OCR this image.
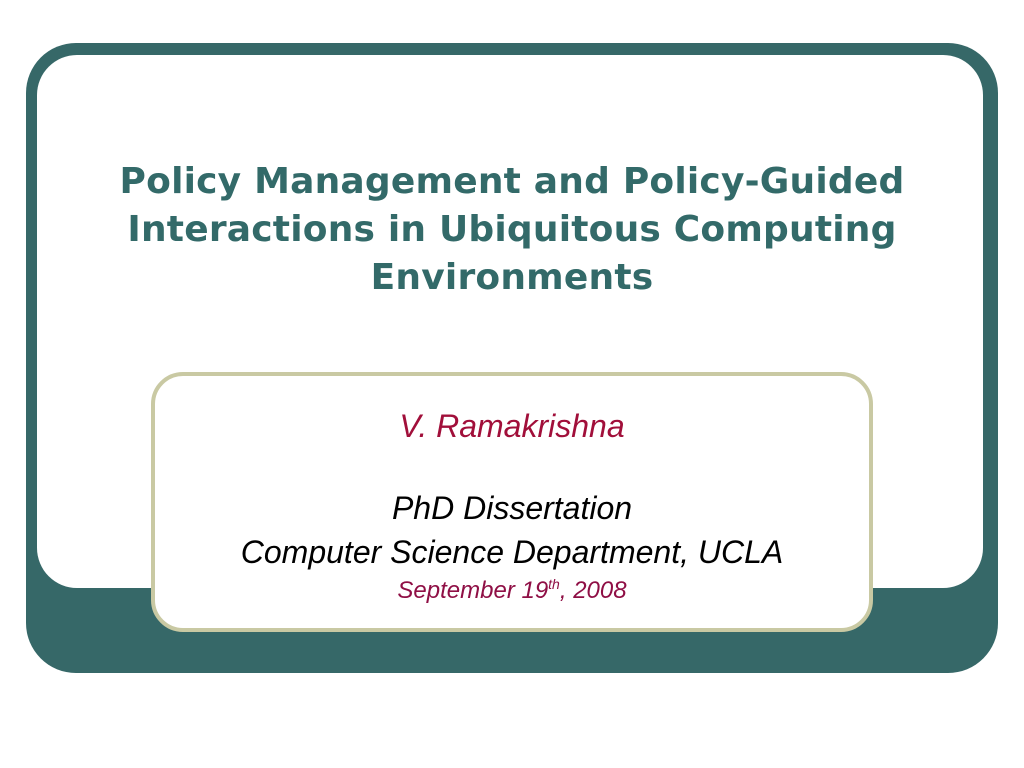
Policy Management and Policy-Guided Interactions in Ubiquitous Computing Environments

V. Ramakrishna

PhD Dissertation

Computer Science Department, UCLA

September 19th, 2008
